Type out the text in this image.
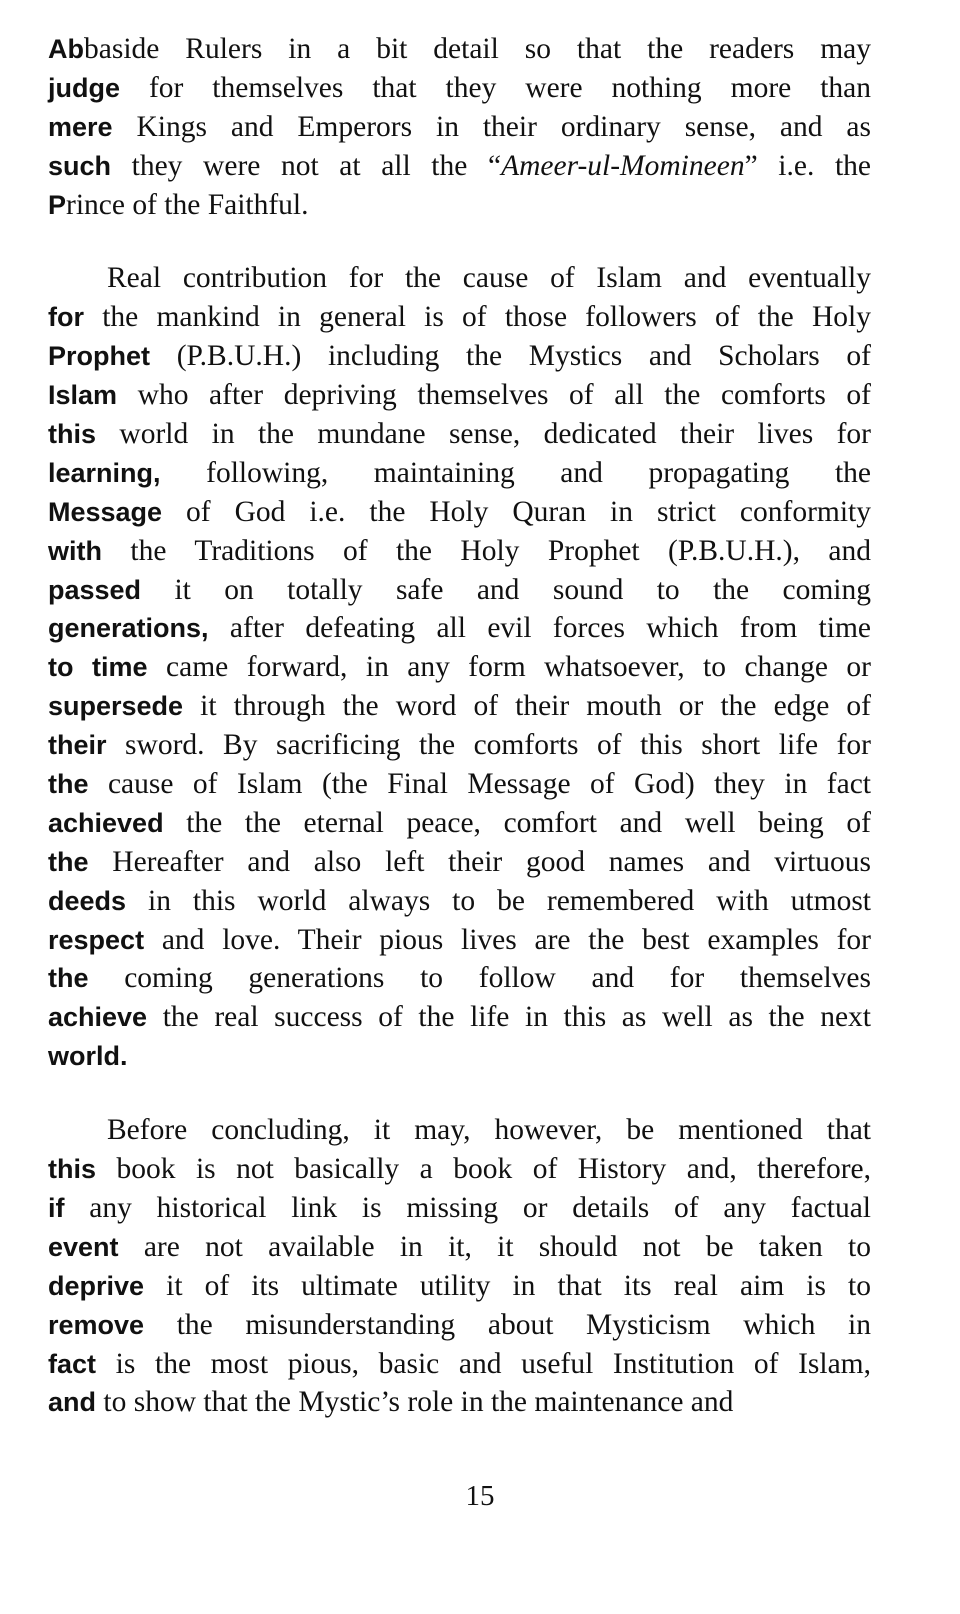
Abbaside Rulers in a bit detail so that the readers may
judge for themselves that they were nothing more than
mere Kings and Emperors in their ordinary sense, and as
such they were not at all the “Ameer-ul-Momineen” i.e. the
Prince of the Faithful.
Real contribution for the cause of Islam and eventually
for the mankind in general is of those followers of the Holy
Prophet (P.B.U.H.) including the Mystics and Scholars of
Islam who after depriving themselves of all the comforts of
this world in the mundane sense, dedicated their lives for
learning, following, maintaining and propagating the
Message of God i.e. the Holy Quran in strict conformity
with the Traditions of the Holy Prophet (P.B.U.H.), and
passed it on totally safe and sound to the coming
generations, after defeating all evil forces which from time
to time came forward, in any form whatsoever, to change or
supersede it through the word of their mouth or the edge of
their sword. By sacrificing the comforts of this short life for
the cause of Islam (the Final Message of God) they in fact
achieved the the eternal peace, comfort and well being of
the Hereafter and also left their good names and virtuous
deeds in this world always to be remembered with utmost
respect and love. Their pious lives are the best examples for
the coming generations to follow and for themselves
achieve the real success of the life in this as well as the next
world.
Before concluding, it may, however, be mentioned that
this book is not basically a book of History and, therefore,
if any historical link is missing or details of any factual
event are not available in it, it should not be taken to
deprive it of its ultimate utility in that its real aim is to
remove the misunderstanding about Mysticism which in
fact is the most pious, basic and useful Institution of Islam,
and to show that the Mystic’s role in the maintenance and
15
